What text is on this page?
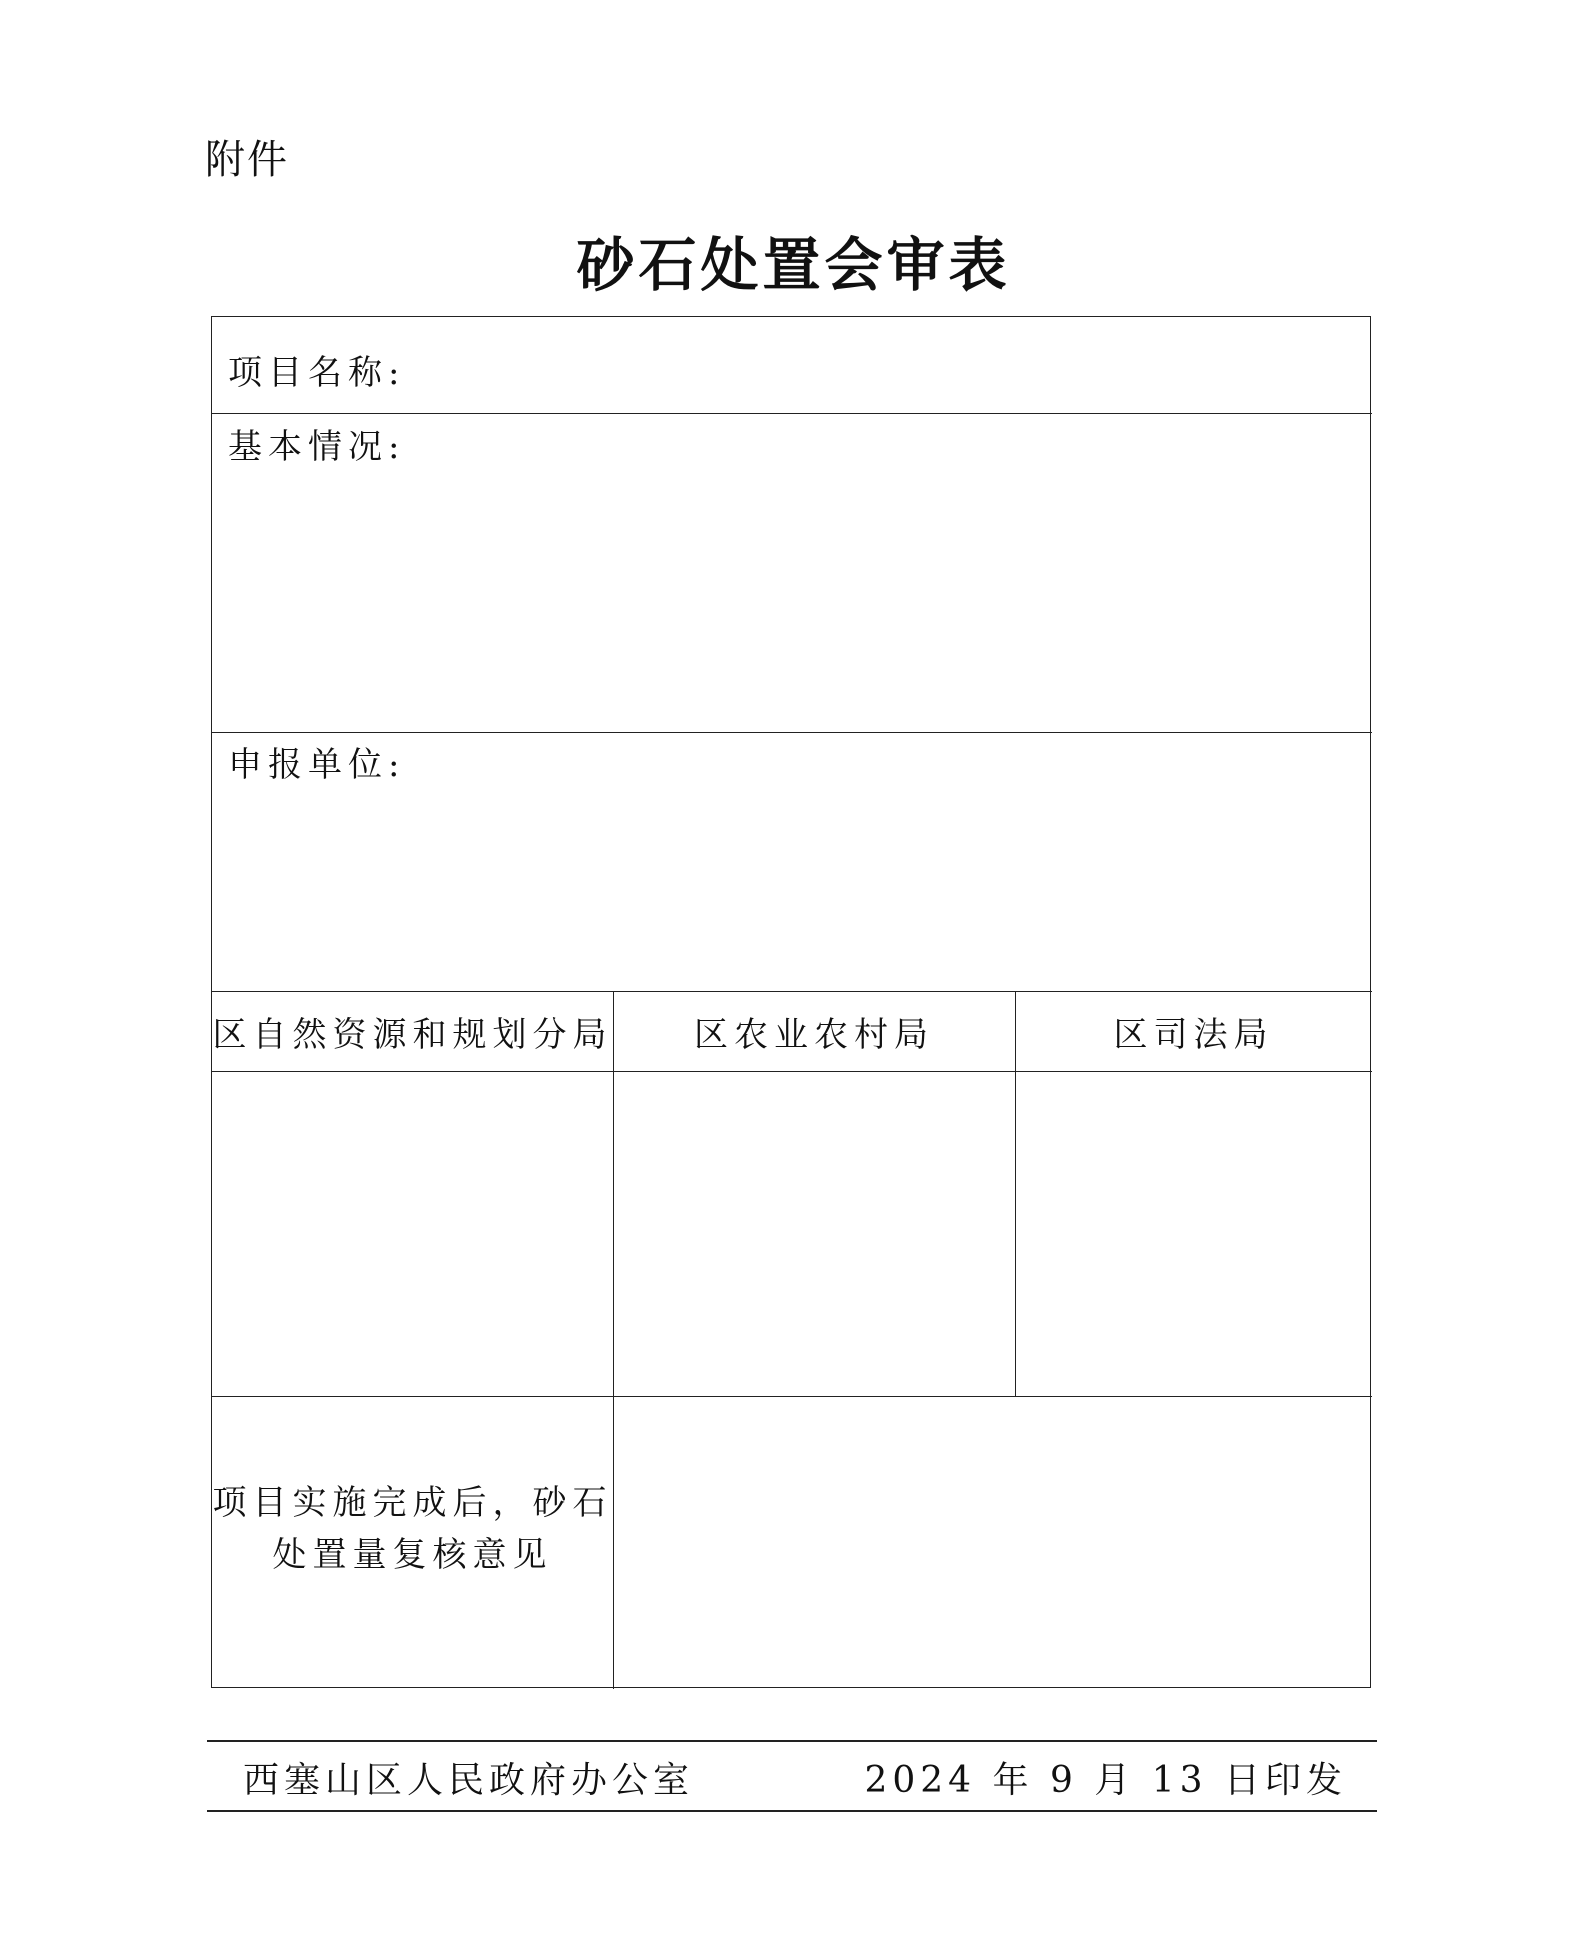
附件
砂石处置会审表
项目名称:
基本情况:
申报单位:
区自然资源和规划分局	区农业农村局	区司法局
项目实施完成后，砂石
处置量复核意见
西塞山区人民政府办公室	2024 年 9 月 13 日印发
